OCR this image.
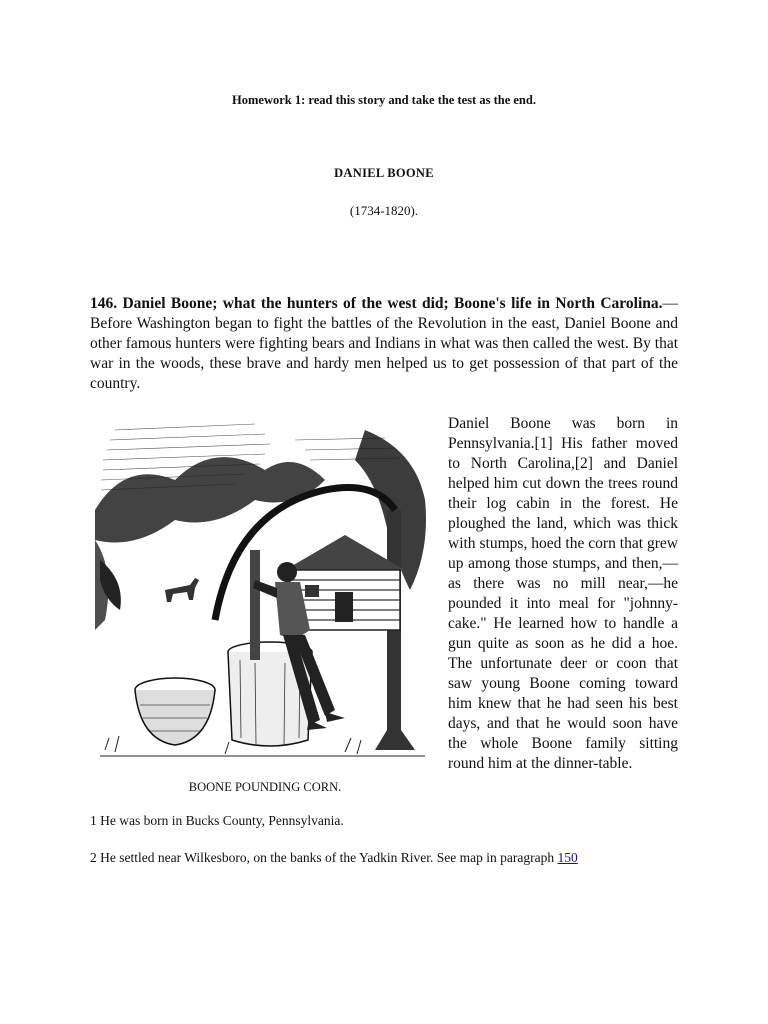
Homework 1: read this story and take the test as the end.
DANIEL BOONE
(1734-1820).

146. Daniel Boone; what the hunters of the west did; Boone's life in North Carolina.—Before Washington began to fight the battles of the Revolution in the east, Daniel Boone and other famous hunters were fighting bears and Indians in what was then called the west. By that war in the woods, these brave and hardy men helped us to get possession of that part of the country.

BOONE POUNDING CORN.

Daniel Boone was born in Pennsylvania.[1] His father moved to North Carolina,[2] and Daniel helped him cut down the trees round their log cabin in the forest. He ploughed the land, which was thick with stumps, hoed the corn that grew up among those stumps, and then,—as there was no mill near,—he pounded it into meal for "johnny-cake." He learned how to handle a gun quite as soon as he did a hoe. The unfortunate deer or coon that saw young Boone coming toward him knew that he had seen his best days, and that he would soon have the whole Boone family sitting round him at the dinner-table.

1 He was born in Bucks County, Pennsylvania.
2 He settled near Wilkesboro, on the banks of the Yadkin River. See map in paragraph 150
